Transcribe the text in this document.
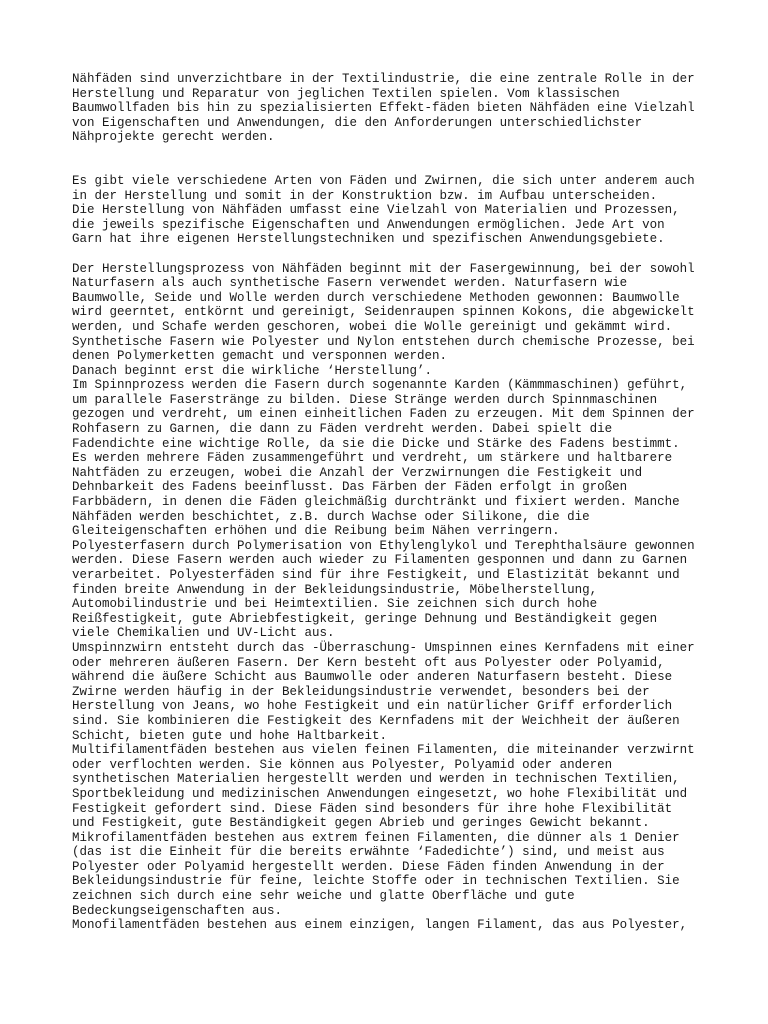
Nähfäden sind unverzichtbare in der Textilindustrie, die eine zentrale Rolle in der
Herstellung und Reparatur von jeglichen Textilen spielen. Vom klassischen
Baumwollfaden bis hin zu spezialisierten Effekt-fäden bieten Nähfäden eine Vielzahl
von Eigenschaften und Anwendungen, die den Anforderungen unterschiedlichster
Nähprojekte gerecht werden.
Es gibt viele verschiedene Arten von Fäden und Zwirnen, die sich unter anderem auch
in der Herstellung und somit in der Konstruktion bzw. im Aufbau unterscheiden.
Die Herstellung von Nähfäden umfasst eine Vielzahl von Materialien und Prozessen,
die jeweils spezifische Eigenschaften und Anwendungen ermöglichen. Jede Art von
Garn hat ihre eigenen Herstellungstechniken und spezifischen Anwendungsgebiete.
Der Herstellungsprozess von Nähfäden beginnt mit der Fasergewinnung, bei der sowohl
Naturfasern als auch synthetische Fasern verwendet werden. Naturfasern wie
Baumwolle, Seide und Wolle werden durch verschiedene Methoden gewonnen: Baumwolle
wird geerntet, entkörnt und gereinigt, Seidenraupen spinnen Kokons, die abgewickelt
werden, und Schafe werden geschoren, wobei die Wolle gereinigt und gekämmt wird.
Synthetische Fasern wie Polyester und Nylon entstehen durch chemische Prozesse, bei
denen Polymerketten gemacht und versponnen werden.
Danach beginnt erst die wirkliche ‘Herstellung’.
Im Spinnprozess werden die Fasern durch sogenannte Karden (Kämmmaschinen) geführt,
um parallele Faserstränge zu bilden. Diese Stränge werden durch Spinnmaschinen
gezogen und verdreht, um einen einheitlichen Faden zu erzeugen. Mit dem Spinnen der
Rohfasern zu Garnen, die dann zu Fäden verdreht werden. Dabei spielt die
Fadendichte eine wichtige Rolle, da sie die Dicke und Stärke des Fadens bestimmt.
Es werden mehrere Fäden zusammengeführt und verdreht, um stärkere und haltbarere
Nahtfäden zu erzeugen, wobei die Anzahl der Verzwirnungen die Festigkeit und
Dehnbarkeit des Fadens beeinflusst. Das Färben der Fäden erfolgt in großen
Farbbädern, in denen die Fäden gleichmäßig durchtränkt und fixiert werden. Manche
Nähfäden werden beschichtet, z.B. durch Wachse oder Silikone, die die
Gleiteigenschaften erhöhen und die Reibung beim Nähen verringern.
Polyesterfasern durch Polymerisation von Ethylenglykol und Terephthalsäure gewonnen
werden. Diese Fasern werden auch wieder zu Filamenten gesponnen und dann zu Garnen
verarbeitet. Polyesterfäden sind für ihre Festigkeit, und Elastizität bekannt und
finden breite Anwendung in der Bekleidungsindustrie, Möbelherstellung,
Automobilindustrie und bei Heimtextilien. Sie zeichnen sich durch hohe
Reißfestigkeit, gute Abriebfestigkeit, geringe Dehnung und Beständigkeit gegen
viele Chemikalien und UV-Licht aus.
Umspinnzwirn entsteht durch das -Überraschung- Umspinnen eines Kernfadens mit einer
oder mehreren äußeren Fasern. Der Kern besteht oft aus Polyester oder Polyamid,
während die äußere Schicht aus Baumwolle oder anderen Naturfasern besteht. Diese
Zwirne werden häufig in der Bekleidungsindustrie verwendet, besonders bei der
Herstellung von Jeans, wo hohe Festigkeit und ein natürlicher Griff erforderlich
sind. Sie kombinieren die Festigkeit des Kernfadens mit der Weichheit der äußeren
Schicht, bieten gute und hohe Haltbarkeit.
Multifilamentfäden bestehen aus vielen feinen Filamenten, die miteinander verzwirnt
oder verflochten werden. Sie können aus Polyester, Polyamid oder anderen
synthetischen Materialien hergestellt werden und werden in technischen Textilien,
Sportbekleidung und medizinischen Anwendungen eingesetzt, wo hohe Flexibilität und
Festigkeit gefordert sind. Diese Fäden sind besonders für ihre hohe Flexibilität
und Festigkeit, gute Beständigkeit gegen Abrieb und geringes Gewicht bekannt.
Mikrofilamentfäden bestehen aus extrem feinen Filamenten, die dünner als 1 Denier
(das ist die Einheit für die bereits erwähnte ‘Fadedichte’) sind, und meist aus
Polyester oder Polyamid hergestellt werden. Diese Fäden finden Anwendung in der
Bekleidungsindustrie für feine, leichte Stoffe oder in technischen Textilien. Sie
zeichnen sich durch eine sehr weiche und glatte Oberfläche und gute
Bedeckungseigenschaften aus.
Monofilamentfäden bestehen aus einem einzigen, langen Filament, das aus Polyester,
